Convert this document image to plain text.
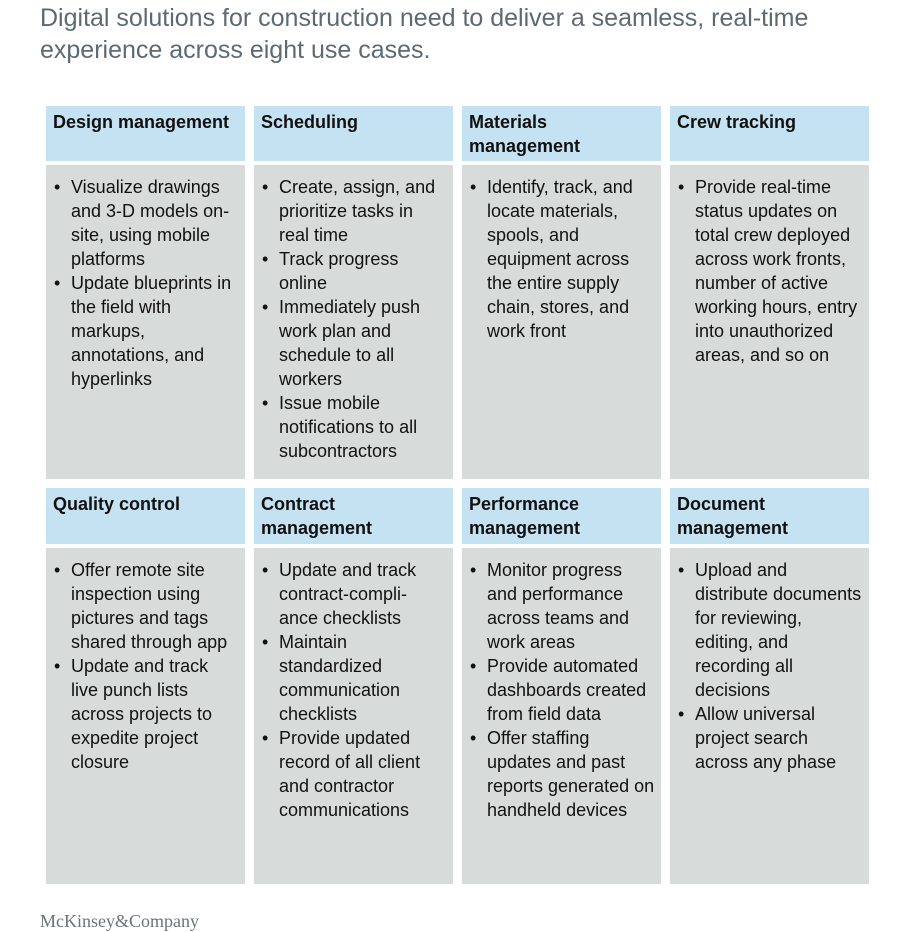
Digital solutions for construction need to deliver a seamless, real-time experience across eight use cases.
Design management
• Visualize drawings and 3-D models on-site, using mobile platforms
• Update blueprints in the field with markups, annotations, and hyperlinks
Scheduling
• Create, assign, and prioritize tasks in real time
• Track progress online
• Immediately push work plan and schedule to all workers
• Issue mobile notifications to all subcontractors
Materials management
• Identify, track, and locate materials, spools, and equipment across the entire supply chain, stores, and work front
Crew tracking
• Provide real-time status updates on total crew deployed across work fronts, number of active working hours, entry into unauthorized areas, and so on
Quality control
• Offer remote site inspection using pictures and tags shared through app
• Update and track live punch lists across projects to expedite project closure
Contract management
• Update and track contract-compli- ance checklists
• Maintain standardized communication checklists
• Provide updated record of all client and contractor communications
Performance management
• Monitor progress and performance across teams and work areas
• Provide automated dashboards created from field data
• Offer staffing updates and past reports generated on handheld devices
Document management
• Upload and distribute documents for reviewing, editing, and recording all decisions
• Allow universal project search across any phase
McKinsey&Company
